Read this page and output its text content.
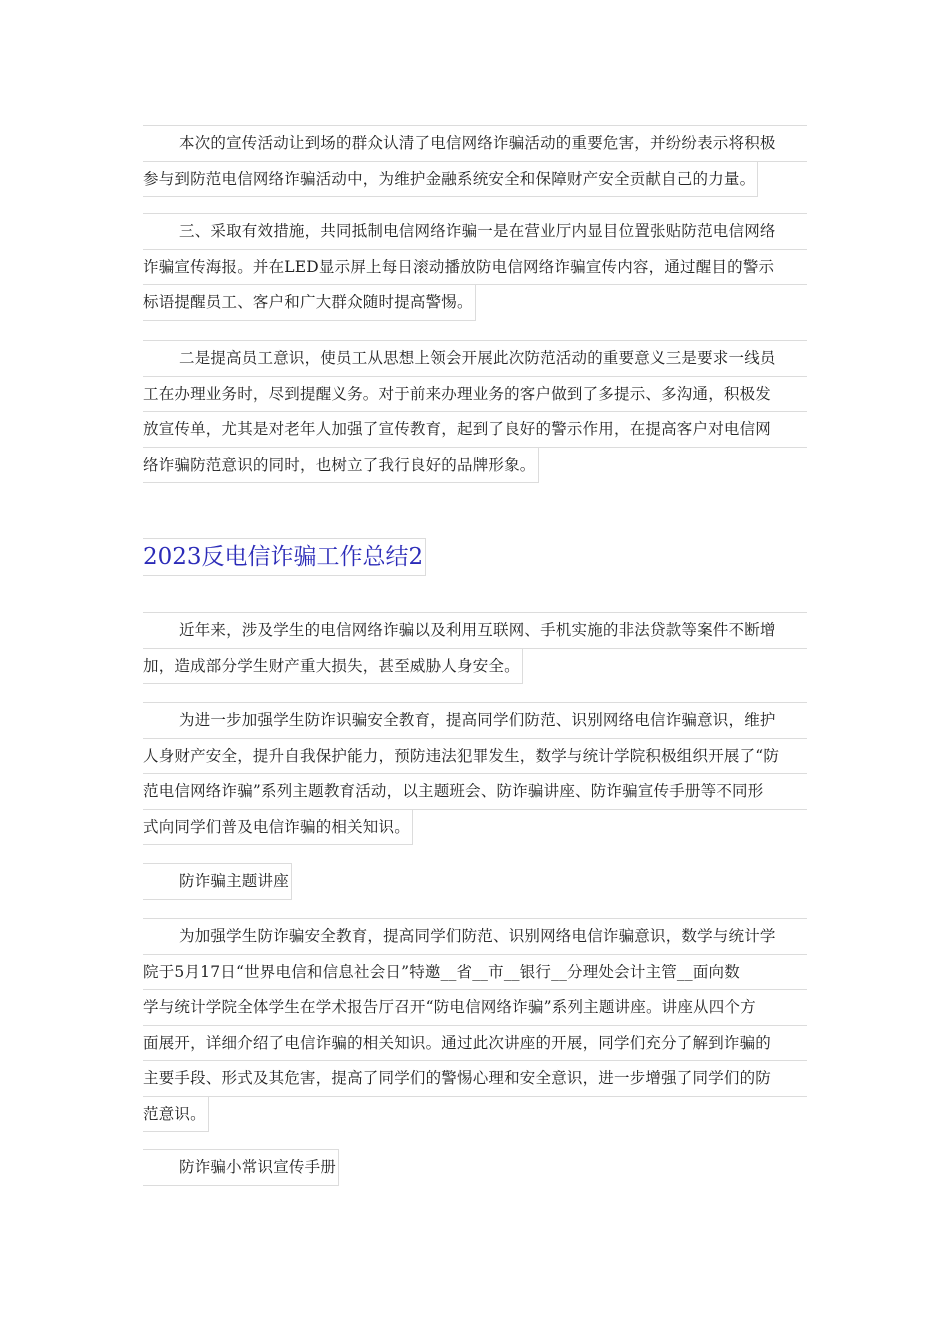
本次的宣传活动让到场的群众认清了电信网络诈骗活动的重要危害，并纷纷表示将积极
参与到防范电信网络诈骗活动中，为维护金融系统安全和保障财产安全贡献自己的力量。
三、采取有效措施，共同抵制电信网络诈骗一是在营业厅内显目位置张贴防范电信网络
诈骗宣传海报。并在LED显示屏上每日滚动播放防电信网络诈骗宣传内容，通过醒目的警示
标语提醒员工、客户和广大群众随时提高警惕。
二是提高员工意识，使员工从思想上领会开展此次防范活动的重要意义三是要求一线员
工在办理业务时，尽到提醒义务。对于前来办理业务的客户做到了多提示、多沟通，积极发
放宣传单，尤其是对老年人加强了宣传教育，起到了良好的警示作用，在提高客户对电信网
络诈骗防范意识的同时，也树立了我行良好的品牌形象。
2023反电信诈骗工作总结2
近年来，涉及学生的电信网络诈骗以及利用互联网、手机实施的非法贷款等案件不断增
加，造成部分学生财产重大损失，甚至威胁人身安全。
为进一步加强学生防诈识骗安全教育，提高同学们防范、识别网络电信诈骗意识，维护
人身财产安全，提升自我保护能力，预防违法犯罪发生，数学与统计学院积极组织开展了“防
范电信网络诈骗”系列主题教育活动，以主题班会、防诈骗讲座、防诈骗宣传手册等不同形
式向同学们普及电信诈骗的相关知识。
防诈骗主题讲座
为加强学生防诈骗安全教育，提高同学们防范、识别网络电信诈骗意识，数学与统计学
院于5月17日“世界电信和信息社会日”特邀__省__市__银行__分理处会计主管__面向数
学与统计学院全体学生在学术报告厅召开“防电信网络诈骗”系列主题讲座。讲座从四个方
面展开，详细介绍了电信诈骗的相关知识。通过此次讲座的开展，同学们充分了解到诈骗的
主要手段、形式及其危害，提高了同学们的警惕心理和安全意识，进一步增强了同学们的防
范意识。
防诈骗小常识宣传手册
